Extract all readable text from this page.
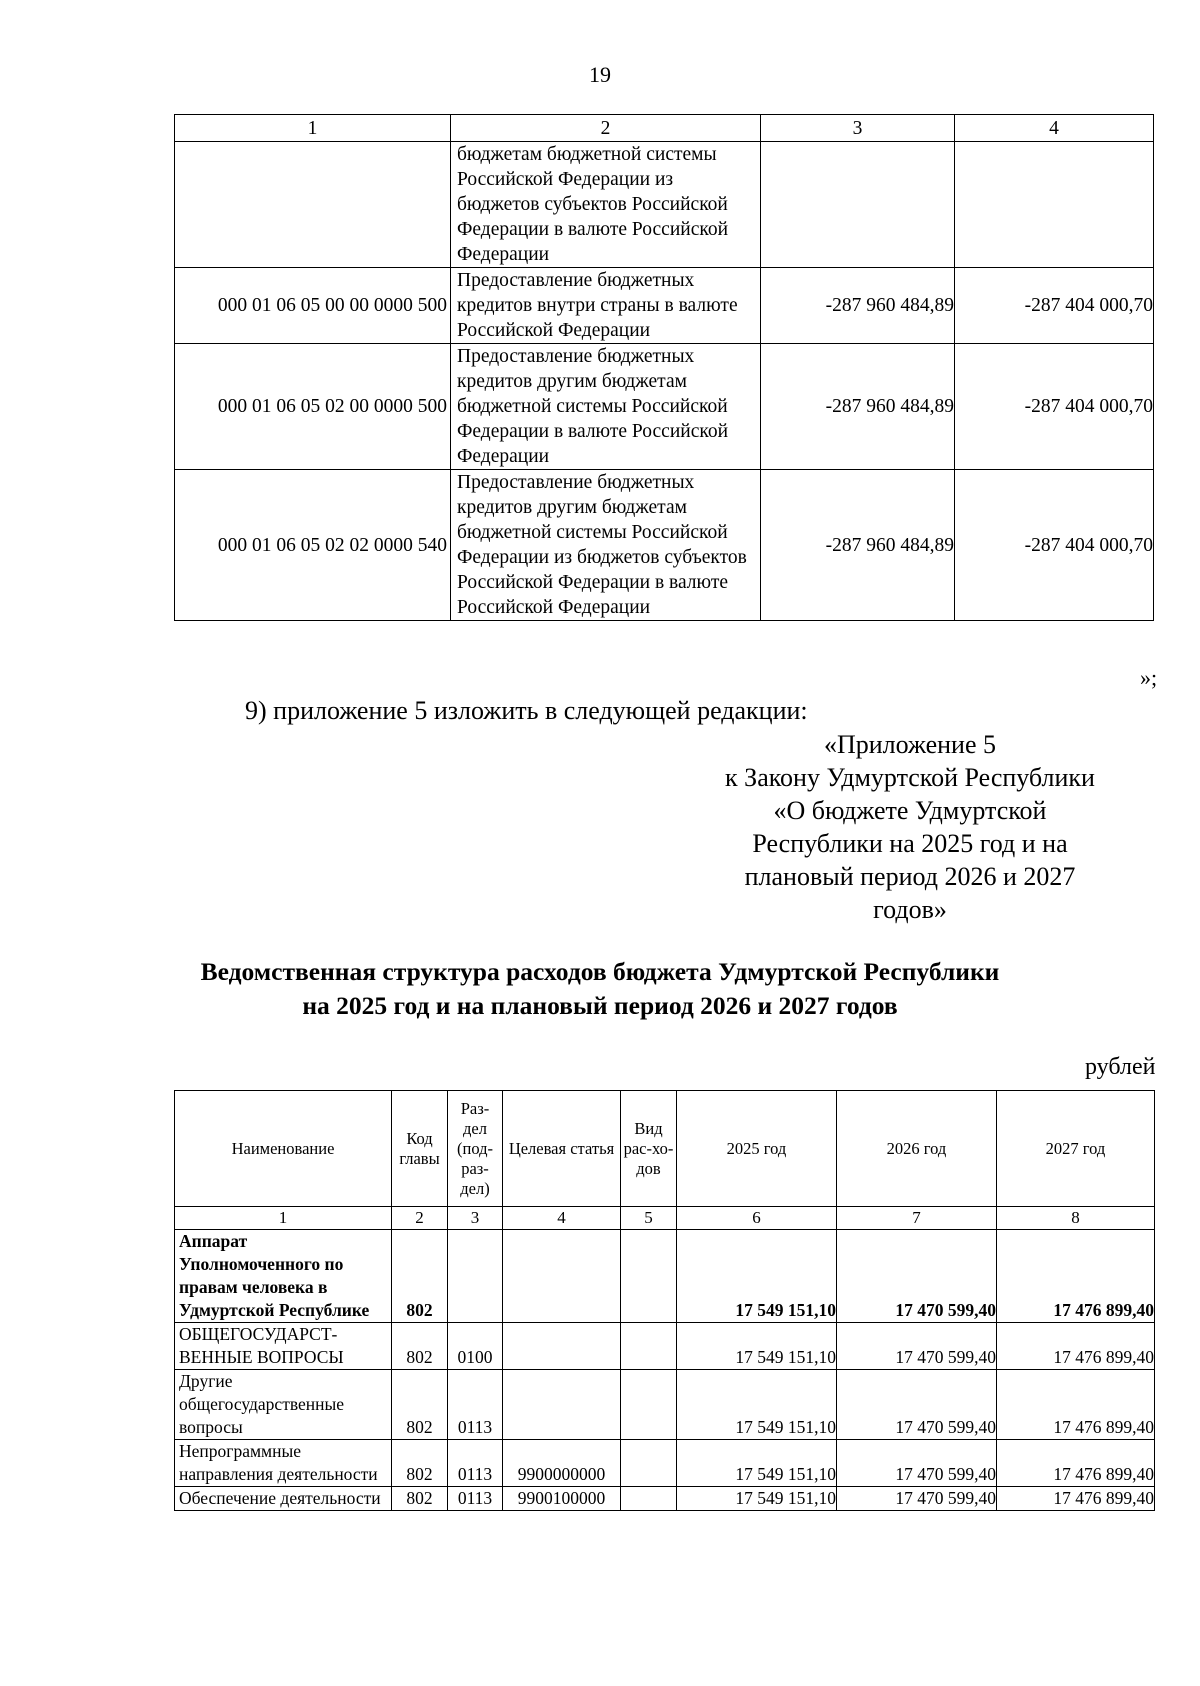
19
1	2	3	4
	бюджетам бюджетной системы Российской Федерации из бюджетов субъектов Российской Федерации в валюте Российской Федерации		
000 01 06 05 00 00 0000 500	Предоставление бюджетных кредитов внутри страны в валюте Российской Федерации	-287 960 484,89	-287 404 000,70
000 01 06 05 02 00 0000 500	Предоставление бюджетных кредитов другим бюджетам бюджетной системы Российской Федерации в валюте Российской Федерации	-287 960 484,89	-287 404 000,70
000 01 06 05 02 02 0000 540	Предоставление бюджетных кредитов другим бюджетам бюджетной системы Российской Федерации из бюджетов субъектов Российской Федерации в валюте Российской Федерации	-287 960 484,89	-287 404 000,70
»;
9) приложение 5 изложить в следующей редакции:
«Приложение 5
к Закону Удмуртской Республики
«О бюджете Удмуртской
Республики на 2025 год и на
плановый период 2026 и 2027
годов»
Ведомственная структура расходов бюджета Удмуртской Республики
на 2025 год и на плановый период 2026 и 2027 годов
рублей
Наименование	Код главы	Раз-дел (под-раз-дел)	Целевая статья	Вид рас-хо-дов	2025 год	2026 год	2027 год
1	2	3	4	5	6	7	8
Аппарат Уполномоченного по правам человека в Удмуртской Республике	802				17 549 151,10	17 470 599,40	17 476 899,40
ОБЩЕГОСУДАРСТ-ВЕННЫЕ ВОПРОСЫ	802	0100			17 549 151,10	17 470 599,40	17 476 899,40
Другие общегосударственные вопросы	802	0113			17 549 151,10	17 470 599,40	17 476 899,40
Непрограммные направления деятельности	802	0113	9900000000		17 549 151,10	17 470 599,40	17 476 899,40
Обеспечение деятельности	802	0113	9900100000		17 549 151,10	17 470 599,40	17 476 899,40
